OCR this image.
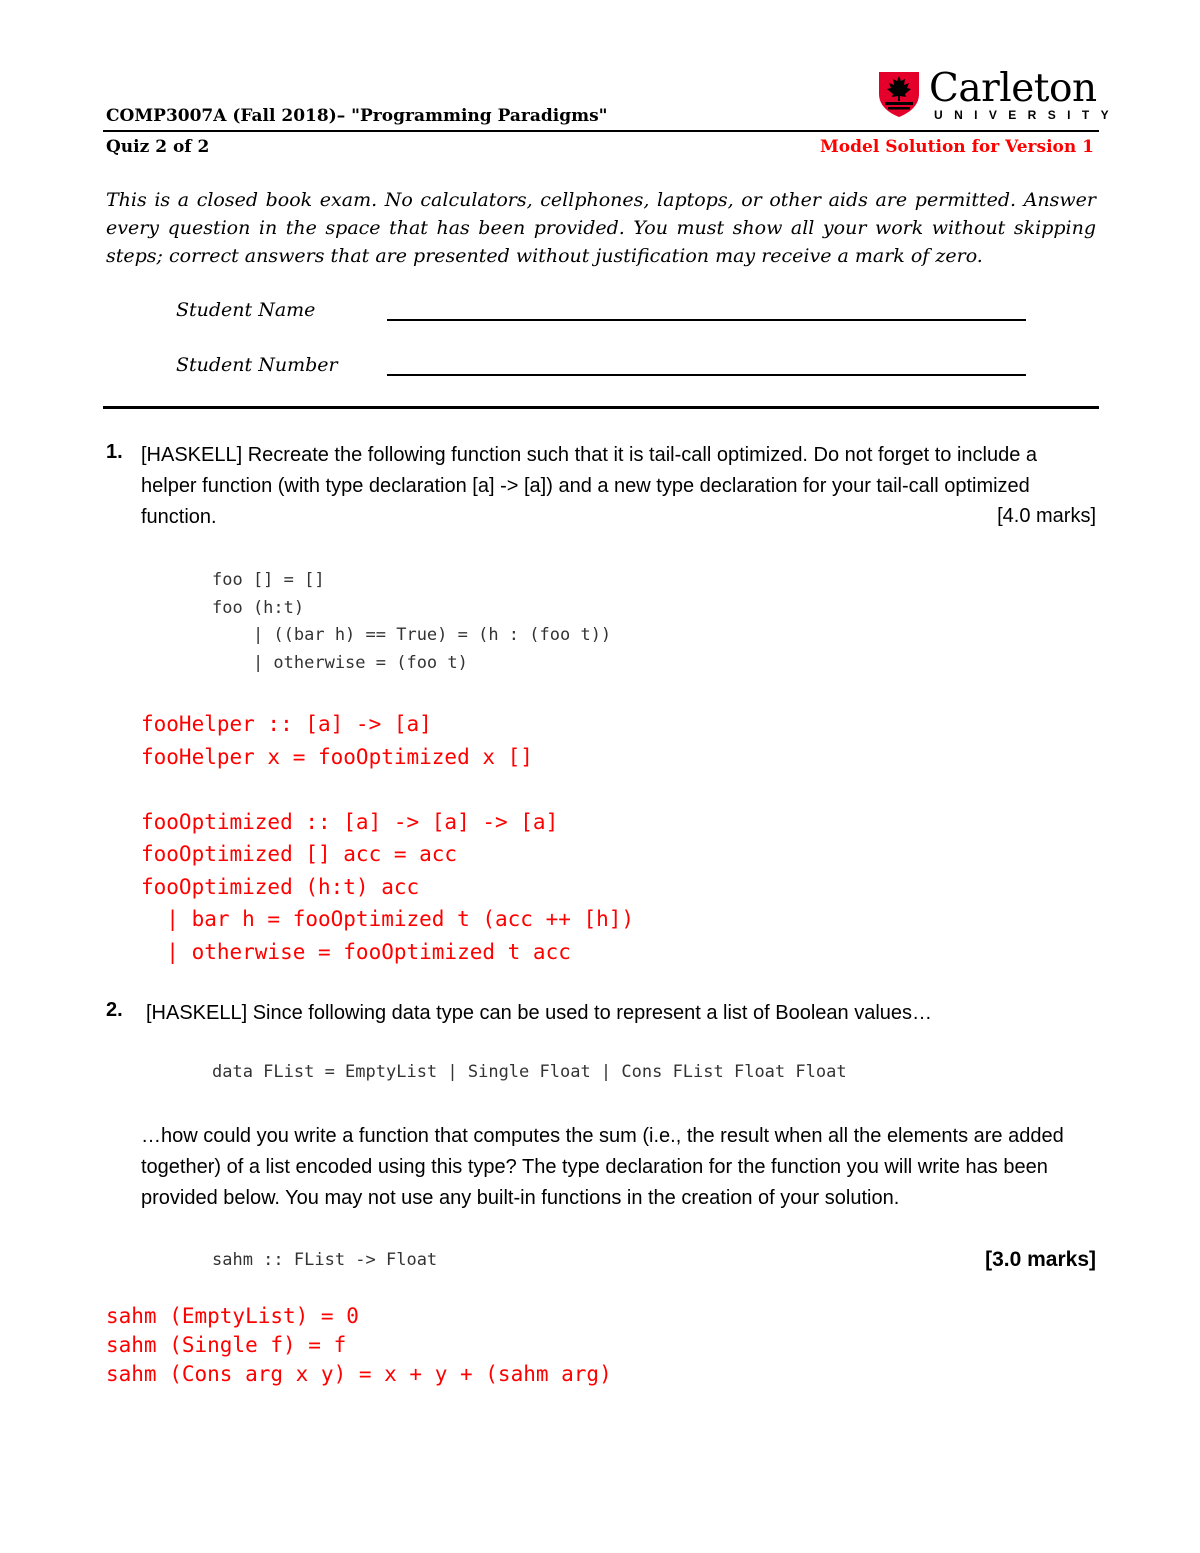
COMP3007A (Fall 2018)– "Programming Paradigms"
Quiz 2 of 2	Model Solution for Version 1
Carleton
UNIVERSITY
This is a closed book exam. No calculators, cellphones, laptops, or other aids are permitted. Answer every question in the space that has been provided. You must show all your work without skipping steps; correct answers that are presented without justification may receive a mark of zero.
Student Name
Student Number
1. [HASKELL] Recreate the following function such that it is tail-call optimized. Do not forget to include a helper function (with type declaration [a] -> [a]) and a new type declaration for your tail-call optimized function.	[4.0 marks]
foo [] = []
foo (h:t)
| ((bar h) == True) = (h : (foo t))
| otherwise = (foo t)
fooHelper :: [a] -> [a]
fooHelper x = fooOptimized x []

fooOptimized :: [a] -> [a] -> [a]
fooOptimized [] acc = acc
fooOptimized (h:t) acc
| bar h = fooOptimized t (acc ++ [h])
| otherwise = fooOptimized t acc
2. [HASKELL] Since following data type can be used to represent a list of Boolean values…
data FList = EmptyList | Single Float | Cons FList Float Float
…how could you write a function that computes the sum (i.e., the result when all the elements are added together) of a list encoded using this type? The type declaration for the function you will write has been provided below. You may not use any built-in functions in the creation of your solution.
sahm :: FList -> Float	[3.0 marks]
sahm (EmptyList) = 0
sahm (Single f) = f
sahm (Cons arg x y) = x + y + (sahm arg)
